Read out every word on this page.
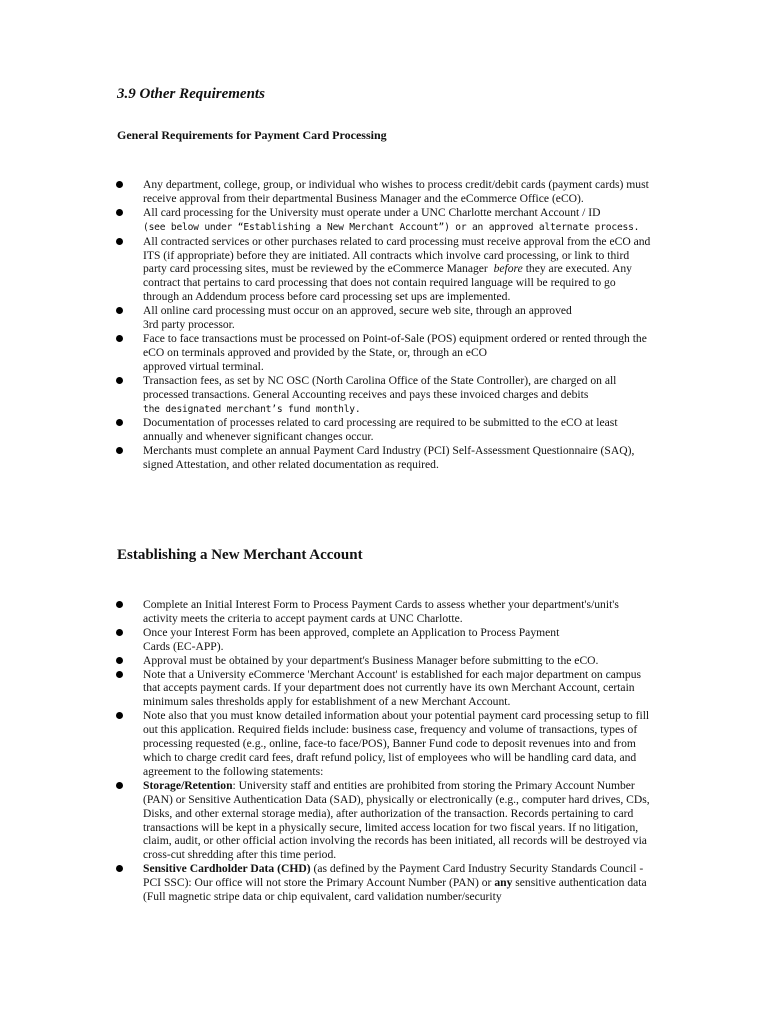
3.9 Other Requirements
General Requirements for Payment Card Processing
Any department, college, group, or individual who wishes to process credit/debit cards (payment cards) must receive approval from their departmental Business Manager and the eCommerce Office (eCO).
All card processing for the University must operate under a UNC Charlotte merchant Account / ID
(see below under “Establishing a New Merchant Account”) or an approved alternate process.
All contracted services or other purchases related to card processing must receive approval from the eCO and ITS (if appropriate) before they are initiated. All contracts which involve card processing, or link to third party card processing sites, must be reviewed by the eCommerce Manager before they are executed. Any contract that pertains to card processing that does not contain required language will be required to go through an Addendum process before card processing set ups are implemented.
All online card processing must occur on an approved, secure web site, through an approved
3rd party processor.
Face to face transactions must be processed on Point-of-Sale (POS) equipment ordered or rented through the eCO on terminals approved and provided by the State, or, through an eCO
approved virtual terminal.
Transaction fees, as set by NC OSC (North Carolina Office of the State Controller), are charged on all processed transactions. General Accounting receives and pays these invoiced charges and debits
the designated merchant’s fund monthly.
Documentation of processes related to card processing are required to be submitted to the eCO at least annually and whenever significant changes occur.
Merchants must complete an annual Payment Card Industry (PCI) Self-Assessment Questionnaire (SAQ), signed Attestation, and other related documentation as required.
Establishing a New Merchant Account
Complete an Initial Interest Form to Process Payment Cards to assess whether your department's/unit's activity meets the criteria to accept payment cards at UNC Charlotte.
Once your Interest Form has been approved, complete an Application to Process Payment
Cards (EC-APP).
Approval must be obtained by your department's Business Manager before submitting to the eCO.
Note that a University eCommerce 'Merchant Account' is established for each major department on campus that accepts payment cards. If your department does not currently have its own Merchant Account, certain minimum sales thresholds apply for establishment of a new Merchant Account.
Note also that you must know detailed information about your potential payment card processing setup to fill out this application. Required fields include: business case, frequency and volume of transactions, types of processing requested (e.g., online, face-to face/POS), Banner Fund code to deposit revenues into and from which to charge credit card fees, draft refund policy, list of employees who will be handling card data, and agreement to the following statements:
Storage/Retention: University staff and entities are prohibited from storing the Primary Account Number (PAN) or Sensitive Authentication Data (SAD), physically or electronically (e.g., computer hard drives, CDs, Disks, and other external storage media), after authorization of the transaction. Records pertaining to card transactions will be kept in a physically secure, limited access location for two fiscal years. If no litigation, claim, audit, or other official action involving the records has been initiated, all records will be destroyed via cross-cut shredding after this time period.
Sensitive Cardholder Data (CHD) (as defined by the Payment Card Industry Security Standards Council - PCI SSC): Our office will not store the Primary Account Number (PAN) or any sensitive authentication data (Full magnetic stripe data or chip equivalent, card validation number/security
